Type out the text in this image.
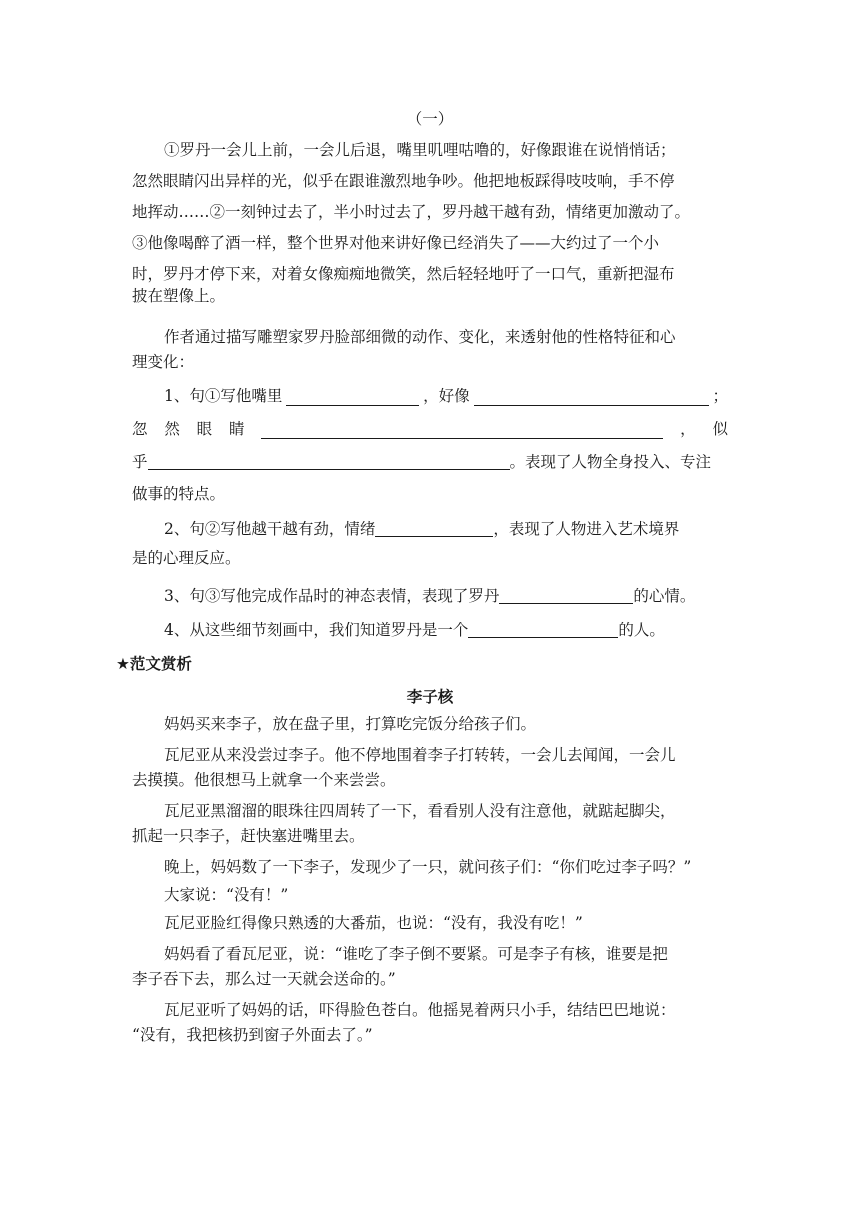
（一）
①罗丹一会儿上前，一会儿后退，嘴里叽哩咕噜的，好像跟谁在说悄悄话；
忽然眼睛闪出异样的光，似乎在跟谁激烈地争吵。他把地板踩得吱吱响，手不停
地挥动……②一刻钟过去了，半小时过去了，罗丹越干越有劲，情绪更加激动了。
③他像喝醉了酒一样，整个世界对他来讲好像已经消失了——大约过了一个小
时，罗丹才停下来，对着女像痴痴地微笑，然后轻轻地吁了一口气，重新把湿布
披在塑像上。
作者通过描写雕塑家罗丹脸部细微的动作、变化，来透射他的性格特征和心
理变化：
1、句①写他嘴里	，好像	；
忽 然 眼 睛	， 似
乎	。表现了人物全身投入、专注
做事的特点。
2、句②写他越干越有劲，情绪	，表现了人物进入艺术境界
是的心理反应。
3、句③写他完成作品时的神态表情，表现了罗丹	的心情。
4、从这些细节刻画中，我们知道罗丹是一个	的人。
★范文赏析
李子核
妈妈买来李子，放在盘子里，打算吃完饭分给孩子们。
瓦尼亚从来没尝过李子。他不停地围着李子打转转，一会儿去闻闻，一会儿
去摸摸。他很想马上就拿一个来尝尝。
瓦尼亚黑溜溜的眼珠往四周转了一下，看看别人没有注意他，就踮起脚尖，
抓起一只李子，赶快塞进嘴里去。
晚上，妈妈数了一下李子，发现少了一只，就问孩子们：“你们吃过李子吗？”
大家说：“没有！”
瓦尼亚脸红得像只熟透的大番茄，也说：“没有，我没有吃！”
妈妈看了看瓦尼亚，说：“谁吃了李子倒不要紧。可是李子有核，谁要是把
李子吞下去，那么过一天就会送命的。”
瓦尼亚听了妈妈的话，吓得脸色苍白。他摇晃着两只小手，结结巴巴地说：
“没有，我把核扔到窗子外面去了。”
